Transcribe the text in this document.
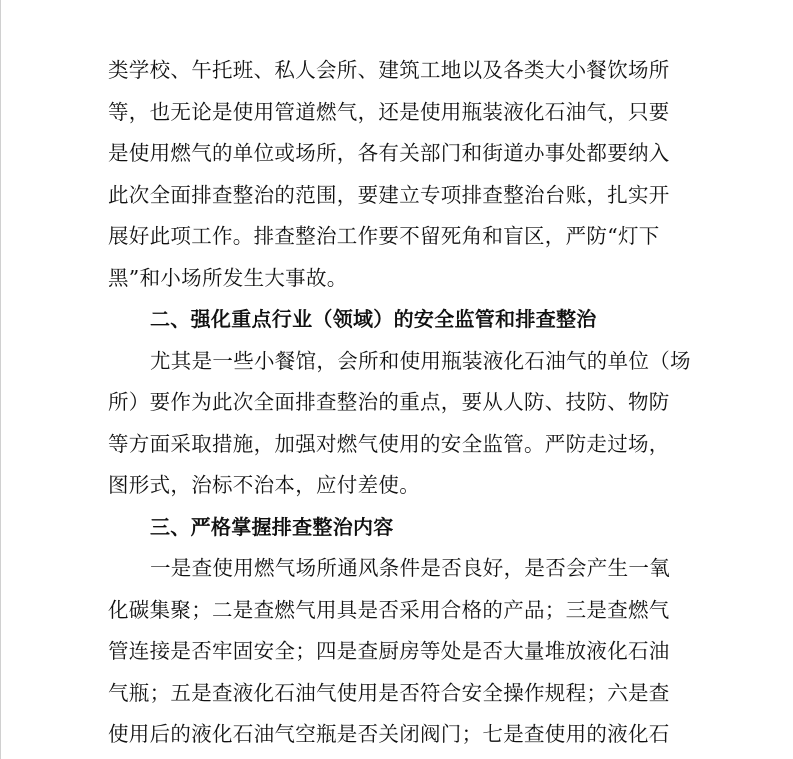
类学校、午托班、私人会所、建筑工地以及各类大小餐饮场所
等，也无论是使用管道燃气，还是使用瓶装液化石油气，只要
是使用燃气的单位或场所，各有关部门和街道办事处都要纳入
此次全面排查整治的范围，要建立专项排查整治台账，扎实开
展好此项工作。排查整治工作要不留死角和盲区，严防“灯下
黑”和小场所发生大事故。
二、强化重点行业（领域）的安全监管和排查整治
尤其是一些小餐馆，会所和使用瓶装液化石油气的单位（场
所）要作为此次全面排查整治的重点，要从人防、技防、物防
等方面采取措施，加强对燃气使用的安全监管。严防走过场，
图形式，治标不治本，应付差使。
三、严格掌握排查整治内容
一是查使用燃气场所通风条件是否良好，是否会产生一氧
化碳集聚；二是查燃气用具是否采用合格的产品；三是查燃气
管连接是否牢固安全；四是查厨房等处是否大量堆放液化石油
气瓶；五是查液化石油气使用是否符合安全操作规程；六是查
使用后的液化石油气空瓶是否关闭阀门；七是查使用的液化石
